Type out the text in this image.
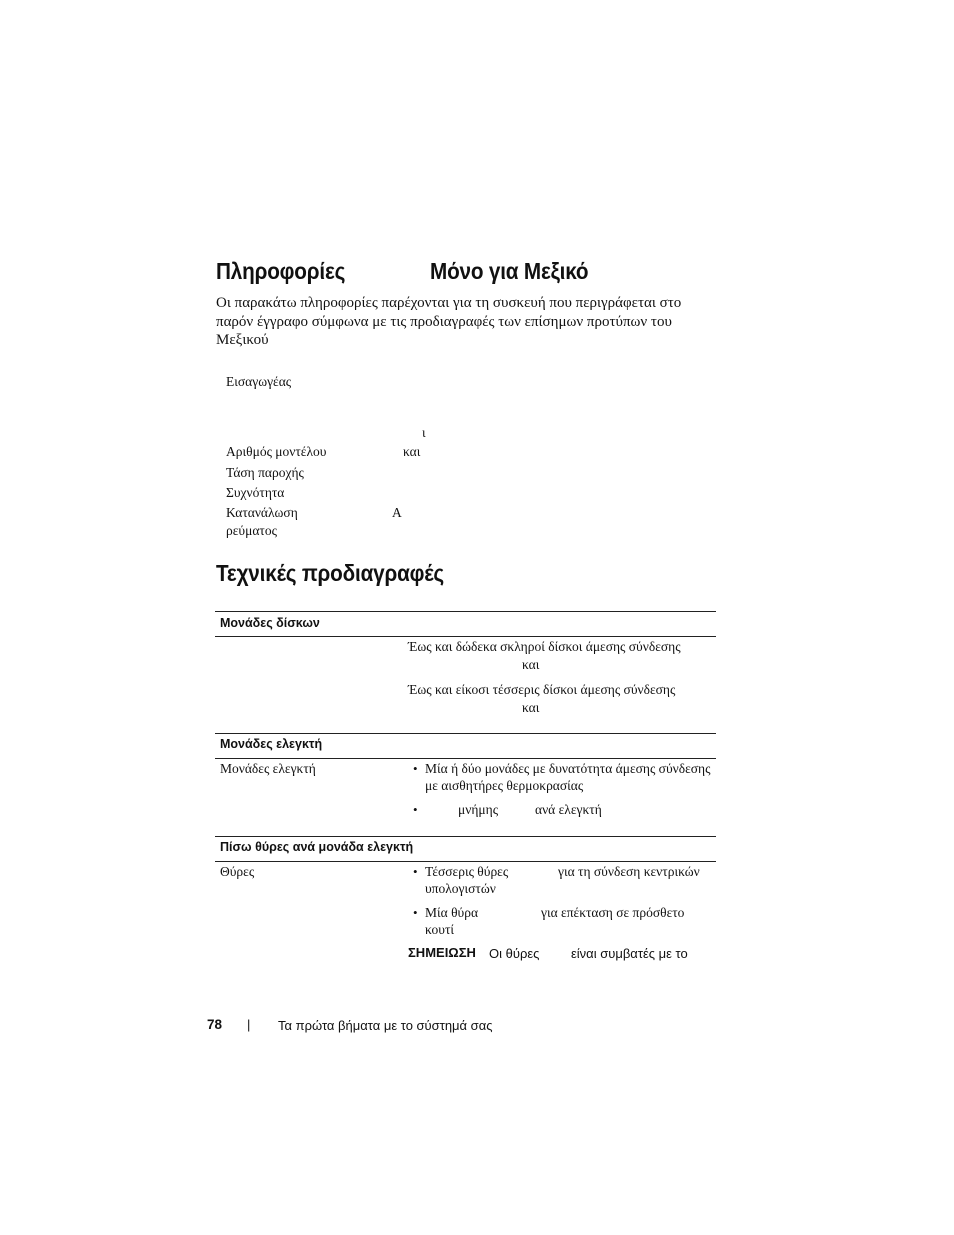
Πληροφορίες	Μόνο για Μεξικό
Οι παρακάτω πληροφορίες παρέχονται για τη συσκευή που περιγράφεται στο
παρόν έγγραφο σύμφωνα με τις προδιαγραφές των επίσημων προτύπων του
Μεξικού
Εισαγωγέας
ι
Αριθμός μοντέλου	και
Τάση παροχής
Συχνότητα
Κατανάλωση	A
ρεύματος
Τεχνικές προδιαγραφές
Μονάδες δίσκων
Έως και δώδεκα σκληροί δίσκοι άμεσης σύνδεσης
και
Έως και είκοσι τέσσερις δίσκοι άμεσης σύνδεσης
και
Μονάδες ελεγκτή
Μονάδες ελεγκτή	• Μία ή δύο μονάδες με δυνατότητα άμεσης σύνδεσης
με αισθητήρες θερμοκρασίας
•	μνήμης	ανά ελεγκτή
Πίσω θύρες ανά μονάδα ελεγκτή
Θύρες	• Τέσσερις θύρες	για τη σύνδεση κεντρικών
υπολογιστών
• Μία θύρα	για επέκταση σε πρόσθετο
κουτί
ΣΗΜΕΙΩΣΗ Οι θύρες είναι συμβατές με το
78 | Τα πρώτα βήματα με το σύστημά σας
